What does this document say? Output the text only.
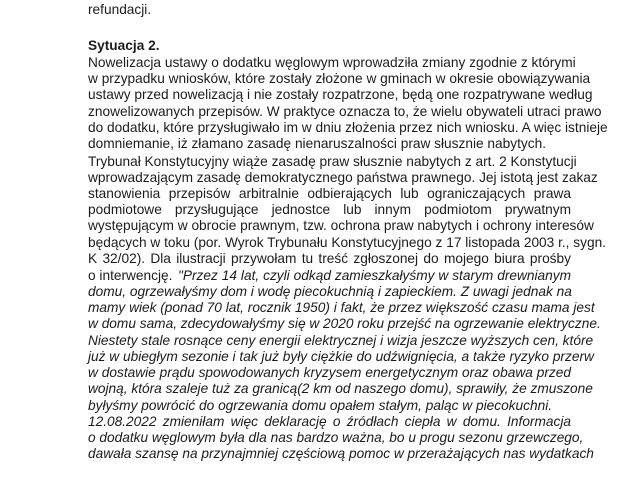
refundacji.
Sytuacja 2.
Nowelizacja ustawy o dodatku węglowym wprowadziła zmiany zgodnie z którymi
w przypadku wniosków, które zostały złożone w gminach w okresie obowiązywania
ustawy przed nowelizacją i nie zostały rozpatrzone, będą one rozpatrywane według
znowelizowanych przepisów. W praktyce oznacza to, że wielu obywateli utraci prawo
do dodatku, które przysługiwało im w dniu złożenia przez nich wniosku. A więc istnieje
domniemanie, iż złamano zasadę nienaruszalności praw słusznie nabytych.
Trybunał Konstytucyjny wiąże zasadę praw słusznie nabytych z art. 2 Konstytucji
wprowadzającym zasadę demokratycznego państwa prawnego. Jej istotą jest zakaz
stanowienia przepisów arbitralnie odbierających lub ograniczających prawa
podmiotowe przysługujące jednostce lub innym podmiotom prywatnym
występującym w obrocie prawnym, tzw. ochrona praw nabytych i ochrony interesów
będących w toku (por. Wyrok Trybunału Konstytucyjnego z 17 listopada 2003 r., sygn.
K 32/02). Dla ilustracji przywołam tu treść zgłoszonej do mojego biura prośby
o interwencję. "Przez 14 lat, czyli odkąd zamieszkałyśmy w starym drewnianym
domu, ogrzewałyśmy dom i wodę piecokuchnią i zapieckiem. Z uwagi jednak na
mamy wiek (ponad 70 lat, rocznik 1950) i fakt, że przez większość czasu mama jest
w domu sama, zdecydowałyśmy się w 2020 roku przejść na ogrzewanie elektryczne.
Niestety stale rosnące ceny energii elektrycznej i wizja jeszcze wyższych cen, które
już w ubiegłym sezonie i tak już były ciężkie do udźwignięcia, a także ryzyko przerw
w dostawie prądu spowodowanych kryzysem energetycznym oraz obawa przed
wojną, która szaleje tuż za granicą(2 km od naszego domu), sprawiły, że zmuszone
byłyśmy powrócić do ogrzewania domu opałem stałym, paląc w piecokuchni.
12.08.2022 zmieniłam więc deklarację o źródłach ciepła w domu. Informacja
o dodatku węglowym była dla nas bardzo ważna, bo u progu sezonu grzewczego,
dawała szansę na przynajmniej częściową pomoc w przerażających nas wydatkach
